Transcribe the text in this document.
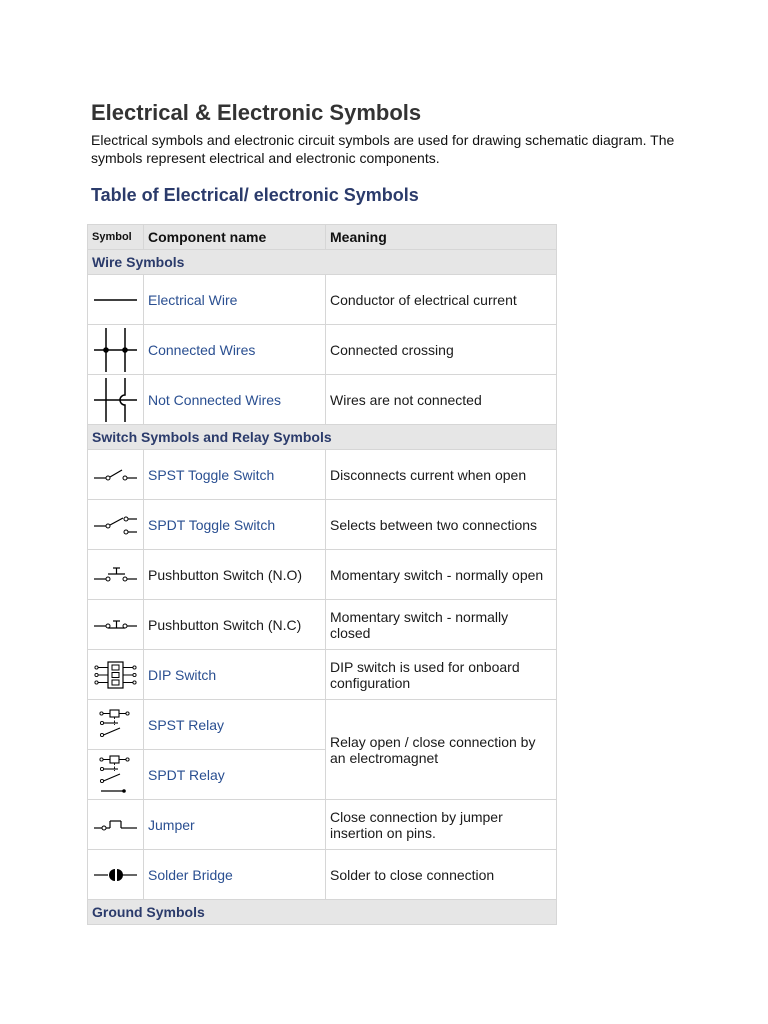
Electrical & Electronic Symbols

Electrical symbols and electronic circuit symbols are used for drawing schematic diagram. The symbols represent electrical and electronic components.

Table of Electrical/ electronic Symbols
Symbol	Component name	Meaning
Wire Symbols		

	Electrical Wire	Conductor of electrical current

	Connected Wires	Connected crossing

	Not Connected Wires	Wires are not connected
Switch Symbols and Relay Symbols		

	SPST Toggle Switch	Disconnects current when open

	SPDT Toggle Switch	Selects between two connections

	Pushbutton Switch (N.O)	Momentary switch - normally open

	Pushbutton Switch (N.C)	Momentary switch - normally closed

	DIP Switch	DIP switch is used for onboard configuration

	SPST Relay	Relay open / close connection by an electromagnet

	SPDT Relay	

	Jumper	Close connection by jumper insertion on pins.

	Solder Bridge	Solder to close connection
Ground Symbols		
